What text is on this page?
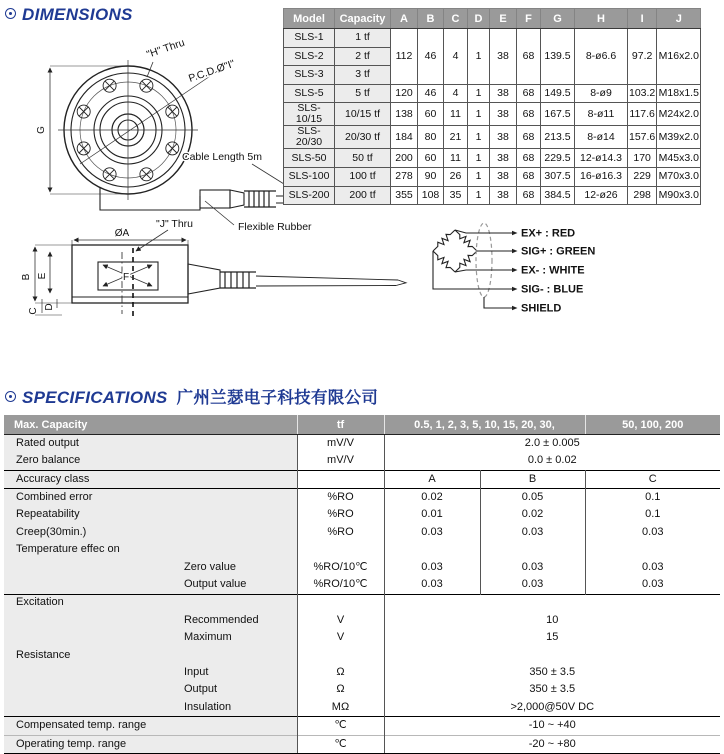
DIMENSIONS
SPECIFICATIONS 广州兰瑟电子科技有限公司
G
"H" Thru
P.C.D Ø"I"
Cable Length 5m
Flexible Rubber
ØA
B E
C
D
F
"J" Thru
EX+ : RED
SIG+ : GREEN
EX- : WHITE
SIG- : BLUE
SHIELD
Model	Capacity	A	B	C	D	E	F	G	H	I	J
SLS-1	1 tf	112	46	4	1	38	68	139.5	8-ø6.6	97.2	M16x2.0
SLS-2	2 tf										
SLS-3	3 tf										
SLS-5	5 tf	120	46	4	1	38	68	149.5	8-ø9	103.2	M18x1.5
SLS-10/15	10/15 tf	138	60	11	1	38	68	167.5	8-ø11	117.6	M24x2.0
SLS-20/30	20/30 tf	184	80	21	1	38	68	213.5	8-ø14	157.6	M39x2.0
SLS-50	50 tf	200	60	11	1	38	68	229.5	12-ø14.3	170	M45x3.0
SLS-100	100 tf	278	90	26	1	38	68	307.5	16-ø16.3	229	M70x3.0
SLS-200	200 tf	355	108	35	1	38	68	384.5	12-ø26	298	M90x3.0
Max. Capacity	tf	0.5, 1, 2, 3, 5, 10, 15, 20, 30,		50, 100, 200
Rated output	mV/V	2.0 ± 0.005		
Zero balance	mV/V	0.0 ± 0.02		
Accuracy class		A	B	C
Combined error	%RO	0.02	0.05	0.1
Repeatability	%RO	0.01	0.02	0.1
Creep(30min.)	%RO	0.03	0.03	0.03
Temperature effec on				
Zero value	%RO/10℃	0.03	0.03	0.03
Output value	%RO/10℃	0.03	0.03	0.03
Excitation				
Recommended	V	10		
Maximum	V	15		
Resistance				
Input	Ω	350 ± 3.5		
Output	Ω	350 ± 3.5		
Insulation	MΩ	>2,000@50V DC		
Compensated temp. range	℃	-10 ~ +40		
Operating temp. range	℃	-20 ~ +80		
